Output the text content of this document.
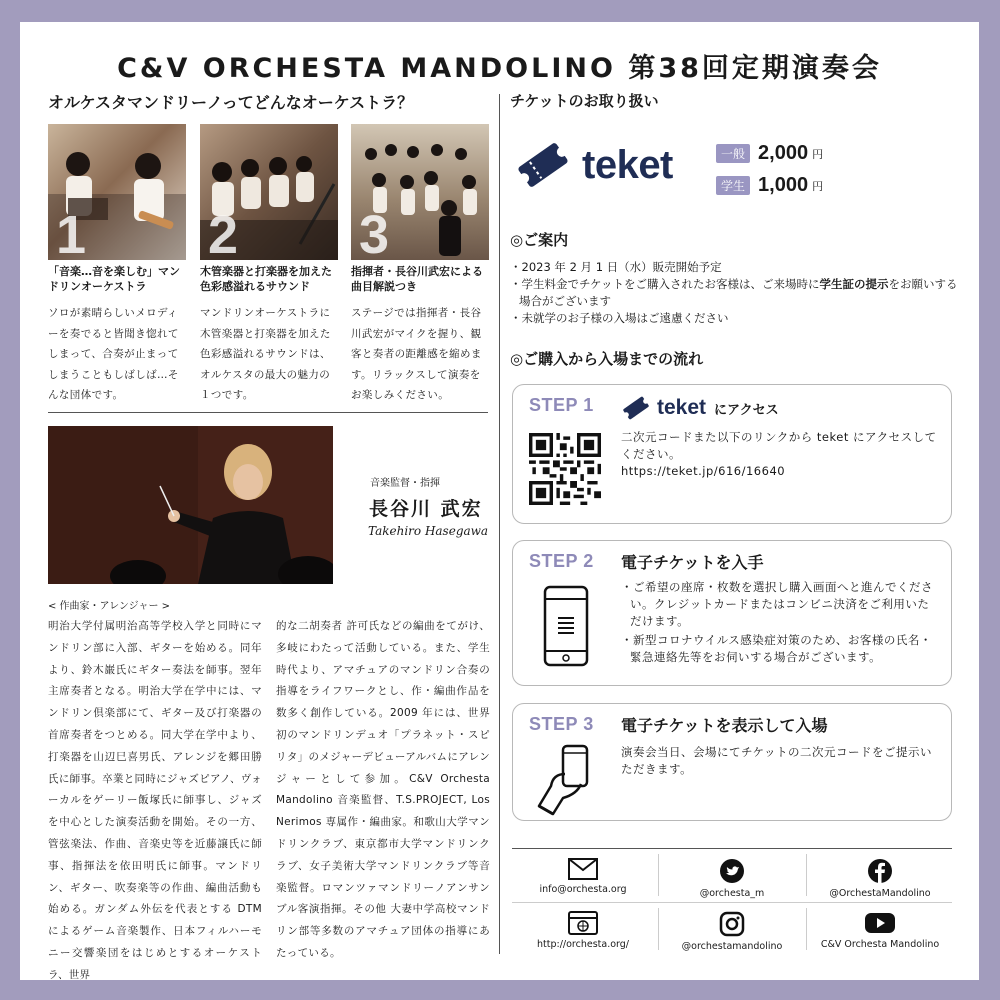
C&V ORCHESTA MANDOLINO 第38回定期演奏会
オルケスタマンドリーノってどんなオーケストラ？
1
「音楽…音を楽しむ」マンドリンオーケストラ
ソロが素晴らしいメロディーを奏でると皆聞き惚れてしまって、合奏が止まってしまうこともしばしば…そんな団体です。
2
木管楽器と打楽器を加えた色彩感溢れるサウンド
マンドリンオーケストラに木管楽器と打楽器を加えた色彩感溢れるサウンドは、オルケスタの最大の魅力の１つです。
3
指揮者・長谷川武宏による曲目解説つき
ステージでは指揮者・長谷川武宏がマイクを握り、観客と奏者の距離感を縮めます。リラックスして演奏をお楽しみください。
音楽監督・指揮
長谷川 武宏
Takehiro Hasegawa
< 作曲家・アレンジャー >
明治大学付属明治高等学校入学と同時にマンドリン部に入部、ギターを始める。同年より、鈴木巌氏にギター奏法を師事。翌年主席奏者となる。明治大学在学中には、マンドリン倶楽部にて、ギター及び打楽器の首席奏者をつとめる。同大学在学中より、打楽器を山辺巳喜男氏、アレンジを郷田勝氏に師事。卒業と同時にジャズピアノ、ヴォーカルをゲーリー飯塚氏に師事し、ジャズを中心とした演奏活動を開始。その一方、管弦楽法、作曲、音楽史等を近藤譲氏に師事、指揮法を依田明氏に師事。マンドリン、ギター、吹奏楽等の作曲、編曲活動も始める。ガンダム外伝を代表とする DTM によるゲーム音楽製作、日本フィルハーモニー交響楽団をはじめとするオーケストラ、世界
的な二胡奏者 許可氏などの編曲をてがけ、多岐にわたって活動している。また、学生時代より、アマチュアのマンドリン合奏の指導をライフワークとし、作・編曲作品を数多く創作している。2009 年には、世界初のマンドリンデュオ「プラネット・スピリタ」のメジャーデビューアルバムにアレンジャーとして参加。C&V Orchesta Mandolino 音楽監督、T.S.PROJECT, Los Nerimos 専属作・編曲家。和歌山大学マンドリンクラブ、東京都市大学マンドリンクラブ、女子美術大学マンドリンクラブ等音楽監督。ロマンツァマンドリーノアンサンブル客演指揮。その他 大妻中学高校マンドリン部等多数のアマチュア団体の指導にあたっている。
チケットのお取り扱い
teket	一般 2,000 円
学生 1,000 円
◎ご案内
・2023 年 2 月 1 日（水）販売開始予定
・学生料金でチケットをご購入されたお客様は、ご来場時に学生証の提示をお願いする場合がございます
・未就学のお子様の入場はご遠慮ください
◎ご購入から入場までの流れ
STEP 1	teket にアクセス
二次元コードまた以下のリンクから teket にアクセスしてください。
https://teket.jp/616/16640
STEP 2 電子チケットを入手
・ご希望の座席・枚数を選択し購入画面へと進んでください。クレジットカードまたはコンビニ決済をご利用いただけます。
・新型コロナウイルス感染症対策のため、お客様の氏名・緊急連絡先等をお伺いする場合がございます。
STEP 3 電子チケットを表示して入場
演奏会当日、会場にてチケットの二次元コードをご提示いただきます。
info@orchesta.org	@orchesta_m	@OrchestaMandolino
http://orchesta.org/	@orchestamandolino	C&V Orchesta Mandolino
